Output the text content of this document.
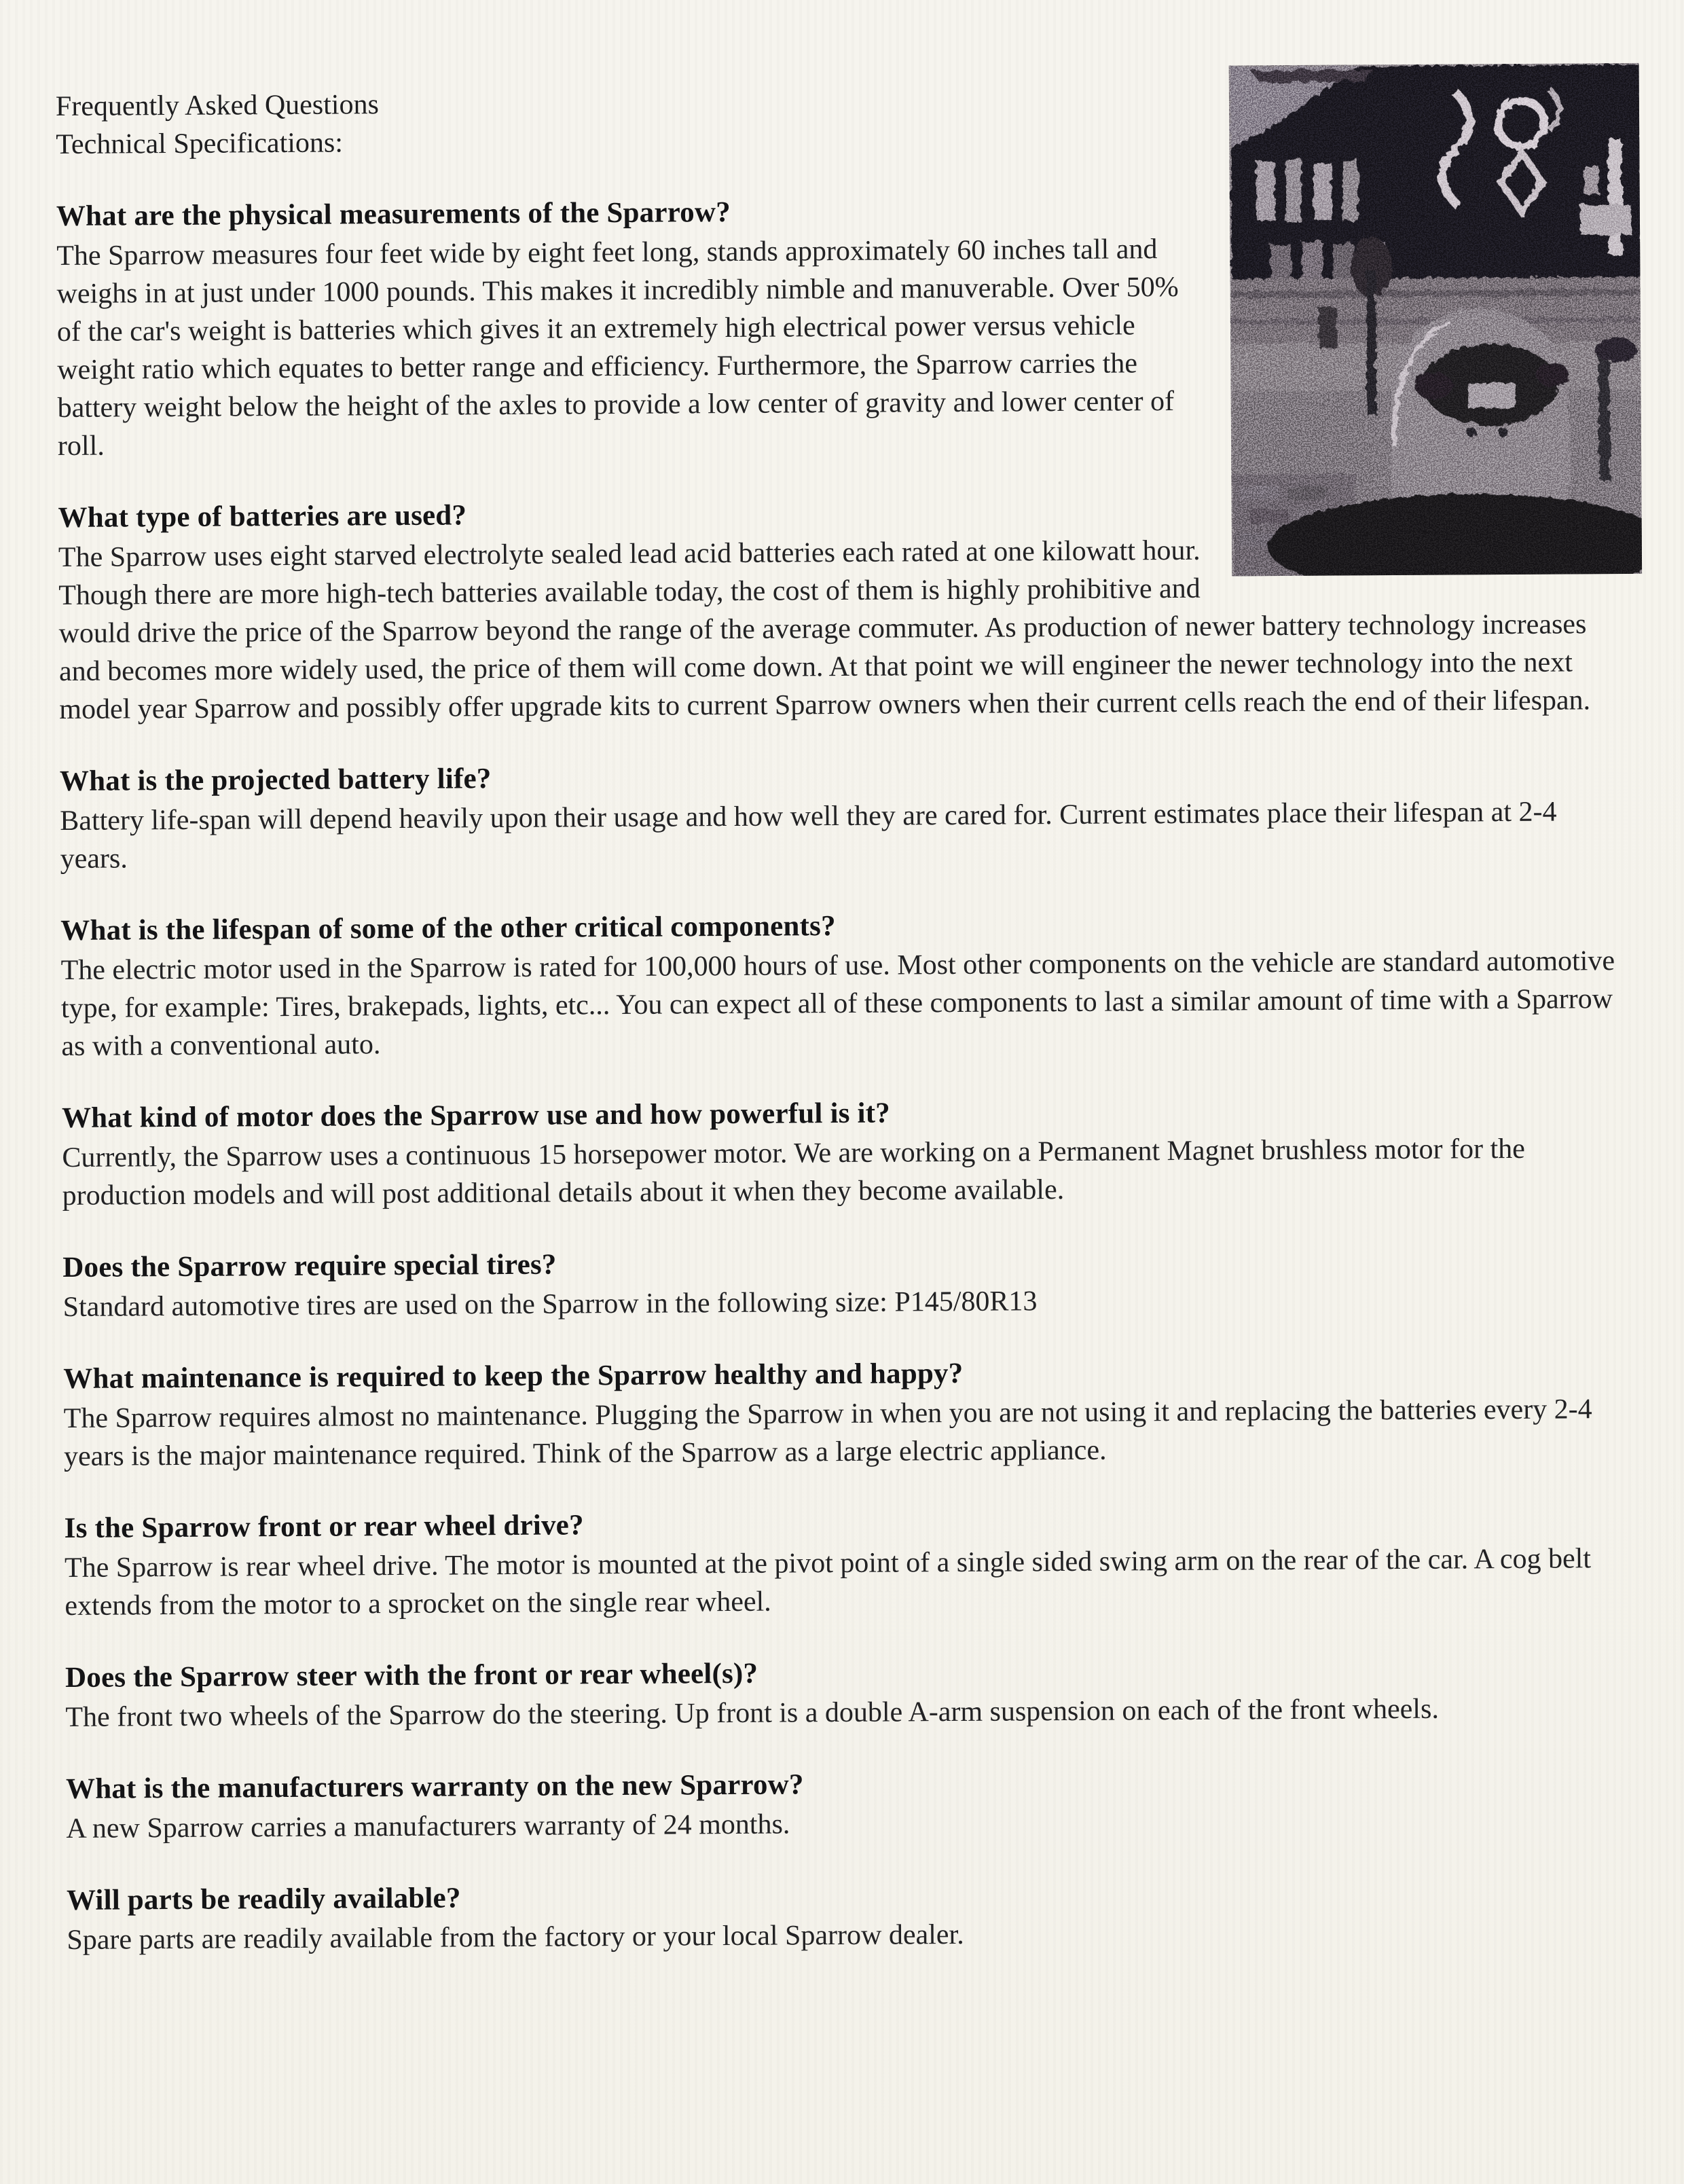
Frequently Asked Questions
Technical Specifications:
What are the physical measurements of the Sparrow?

The Sparrow measures four feet wide by eight feet long, stands approximately 60 inches tall and weighs in at just under 1000 pounds. This makes it incredibly nimble and manuverable. Over 50% of the car's weight is batteries which gives it an extremely high electrical power versus vehicle weight ratio which equates to better range and efficiency. Furthermore, the Sparrow carries the battery weight below the height of the axles to provide a low center of gravity and lower center of roll.

What type of batteries are used?

The Sparrow uses eight starved electrolyte sealed lead acid batteries each rated at one kilowatt hour. Though there are more high-tech batteries available today, the cost of them is highly prohibitive and would drive the price of the Sparrow beyond the range of the average commuter. As production of newer battery technology increases and becomes more widely used, the price of them will come down. At that point we will engineer the newer technology into the next model year Sparrow and possibly offer upgrade kits to current Sparrow owners when their current cells reach the end of their lifespan.

What is the projected battery life?

Battery life-span will depend heavily upon their usage and how well they are cared for. Current estimates place their lifespan at 2-4 years.

What is the lifespan of some of the other critical components?

The electric motor used in the Sparrow is rated for 100,000 hours of use. Most other components on the vehicle are standard automotive type, for example: Tires, brakepads, lights, etc... You can expect all of these components to last a similar amount of time with a Sparrow as with a conventional auto.

What kind of motor does the Sparrow use and how powerful is it?

Currently, the Sparrow uses a continuous 15 horsepower motor. We are working on a Permanent Magnet brushless motor for the production models and will post additional details about it when they become available.

Does the Sparrow require special tires?

Standard automotive tires are used on the Sparrow in the following size: P145/80R13

What maintenance is required to keep the Sparrow healthy and happy?

The Sparrow requires almost no maintenance. Plugging the Sparrow in when you are not using it and replacing the batteries every 2-4 years is the major maintenance required. Think of the Sparrow as a large electric appliance.

Is the Sparrow front or rear wheel drive?

The Sparrow is rear wheel drive. The motor is mounted at the pivot point of a single sided swing arm on the rear of the car. A cog belt extends from the motor to a sprocket on the single rear wheel.

Does the Sparrow steer with the front or rear wheel(s)?

The front two wheels of the Sparrow do the steering. Up front is a double A-arm suspension on each of the front wheels.

What is the manufacturers warranty on the new Sparrow?

A new Sparrow carries a manufacturers warranty of 24 months.

Will parts be readily available?

Spare parts are readily available from the factory or your local Sparrow dealer.
